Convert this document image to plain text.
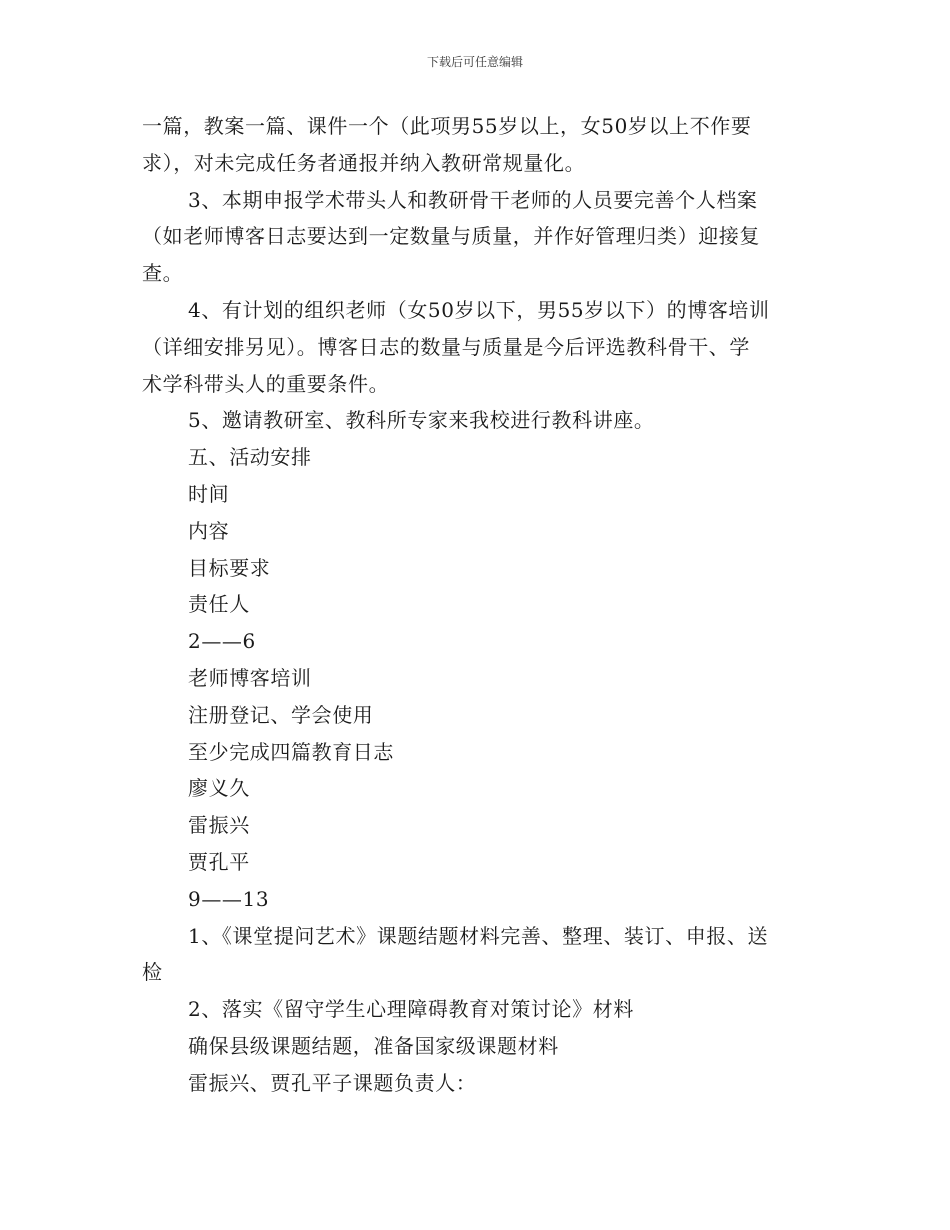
下载后可任意编辑

一篇，教案一篇、课件一个（此项男55岁以上，女50岁以上不作要

求），对未完成任务者通报并纳入教研常规量化。

3、本期申报学术带头人和教研骨干老师的人员要完善个人档案

（如老师博客日志要达到一定数量与质量，并作好管理归类）迎接复

查。

4、有计划的组织老师（女50岁以下，男55岁以下）的博客培训

（详细安排另见）。博客日志的数量与质量是今后评选教科骨干、学

术学科带头人的重要条件。

5、邀请教研室、教科所专家来我校进行教科讲座。

五、活动安排

时间

内容

目标要求

责任人

2——6

老师博客培训

注册登记、学会使用

至少完成四篇教育日志

廖义久

雷振兴

贾孔平

9——13

1、《课堂提问艺术》课题结题材料完善、整理、装订、申报、送

检

2、落实《留守学生心理障碍教育对策讨论》材料

确保县级课题结题，准备国家级课题材料

雷振兴、贾孔平子课题负责人：
